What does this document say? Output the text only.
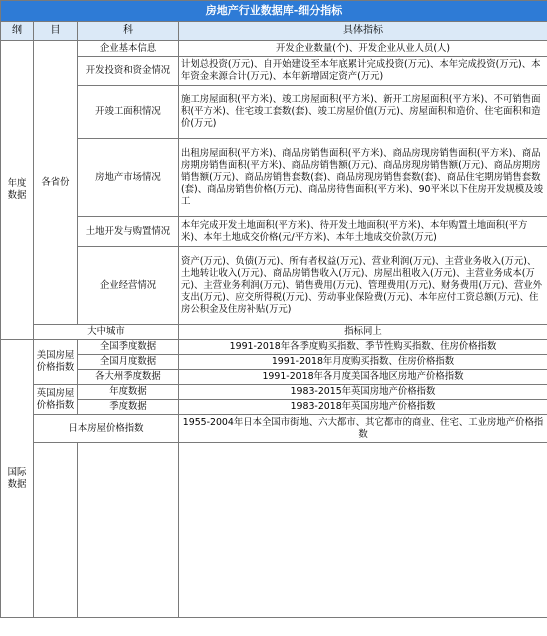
房地产行业数据库-细分指标			
纲	目	科	具体指标
年度数据	各省份	企业基本信息	开发企业数量(个)、开发企业从业人员(人)
		开发投资和资金情况	计划总投资(万元)、自开始建设至本年底累计完成投资(万元)、本年完成投资(万元)、本年资金来源合计(万元)、本年新增固定资产(万元)
		开竣工面积情况	施工房屋面积(平方米)、竣工房屋面积(平方米)、新开工房屋面积(平方米)、不可销售面积(平方米)、住宅竣工套数(套)、竣工房屋价值(万元)、房屋面积和造价、住宅面积和造价(万元)
		房地产市场情况	出租房屋面积(平方米)、商品房销售面积(平方米)、商品房现房销售面积(平方米)、商品房期房销售面积(平方米)、商品房销售额(万元)、商品房现房销售额(万元)、商品房期房销售额(万元)、商品房销售套数(套)、商品房现房销售套数(套)、商品住宅期房销售套数(套)、商品房销售价格(万元)、商品房待售面积(平方米)、90平米以下住房开发规模及竣工
		土地开发与购置情况	本年完成开发土地面积(平方米)、待开发土地面积(平方米)、本年购置土地面积(平方米)、本年土地成交价格(元/平方米)、本年土地成交价款(万元)
		企业经营情况	资产(万元)、负债(万元)、所有者权益(万元)、营业利润(万元)、主营业务收入(万元)、土地转让收入(万元)、商品房销售收入(万元)、房屋出租收入(万元)、主营业务成本(万元)、主营业务利润(万元)、销售费用(万元)、管理费用(万元)、财务费用(万元)、营业外支出(万元)、应交所得税(万元)、劳动事业保险费(万元)、本年应付工资总额(万元)、住房公积金及住房补贴(万元)
	大中城市		指标同上
国际数据	美国房屋价格指数	全国季度数据	1991-2018年各季度购买指数、季节性购买指数、住房价格指数
		全国月度数据	1991-2018年月度购买指数、住房价格指数
		各大州季度数据	1991-2018年各月度美国各地区房地产价格指数
	英国房屋价格指数	年度数据	1983-2015年英国房地产价格指数
		季度数据	1983-2018年英国房地产价格指数
	日本房屋价格指数		1955-2004年日本全国市街地、六大都市、其它都市的商业、住宅、工业房地产价格指数
